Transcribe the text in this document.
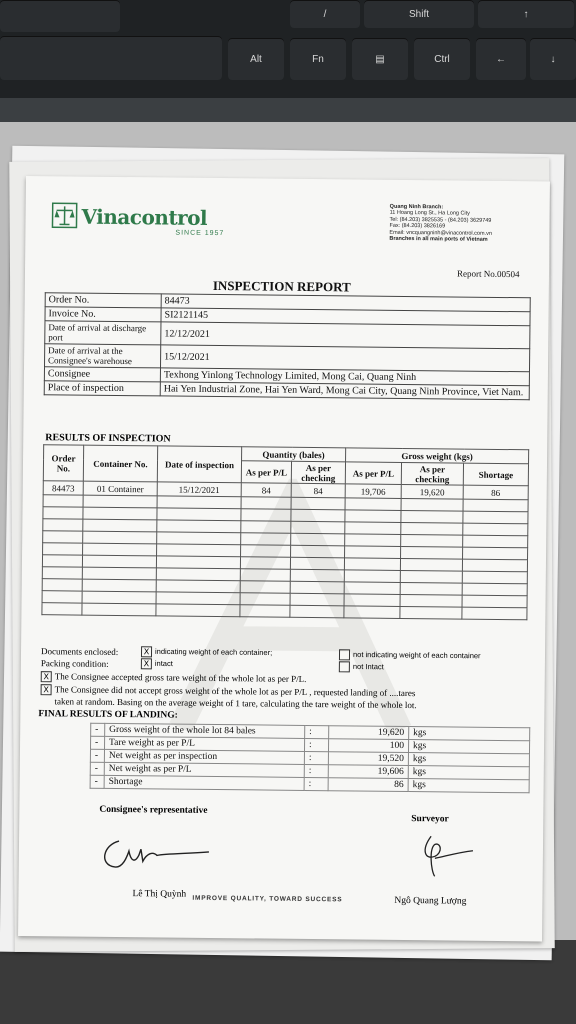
/	Shift	↑
Alt	Fn	▤	Ctrl	←	↓
Vinacontrol
SINCE 1957
Quang Ninh Branch:
11 Hoang Long St., Ha Long City
Tel: (84.203) 3825535 - (84.203) 3629749
Fax: (84.203) 3826169
Email: vncquangninh@vinacontrol.com.vn
Branches in all main ports of Vietnam
Report No.00504
INSPECTION REPORT
Order No.	84473
Invoice No.	SI2121145
Date of arrival at discharge port	12/12/2021
Date of arrival at the Consignee's warehouse	15/12/2021
Consignee	Texhong Yinlong Technology Limited, Mong Cai, Quang Ninh
Place of inspection	Hai Yen Industrial Zone, Hai Yen Ward, Mong Cai City, Quang Ninh Province, Viet Nam.
RESULTS OF INSPECTION
Order No.	Container No.	Date of inspection	Quantity (bales)		Gross weight (kgs)		
			As per P/L	As per checking	As per P/L	As per checking	Shortage
84473	01 Container	15/12/2021	84	84	19,706	19,620	86

Documents enclosed:
Packing condition:
X indicating weight of each container;
X intact
not indicating weight of each container
not Intact
X The Consignee accepted gross tare weight of the whole lot as per P/L.
X The Consignee did not accept gross weight of the whole lot as per P/L , requested landing of ....tares
taken at random. Basing on the average weight of 1 tare, calculating the tare weight of the whole lot.
FINAL RESULTS OF LANDING:
-	Gross weight of the whole lot 84 bales	:	19,620	kgs
-	Tare weight as per P/L	:	100	kgs
-	Net weight as per inspection	:	19,520	kgs
-	Net weight as per P/L	:	19,606	kgs
-	Shortage	:	86	kgs
Consignee's representative
Surveyor
Lê Thị Quỳnh IMPROVE QUALITY, TOWARD SUCCESS	Ngô Quang Lượng
